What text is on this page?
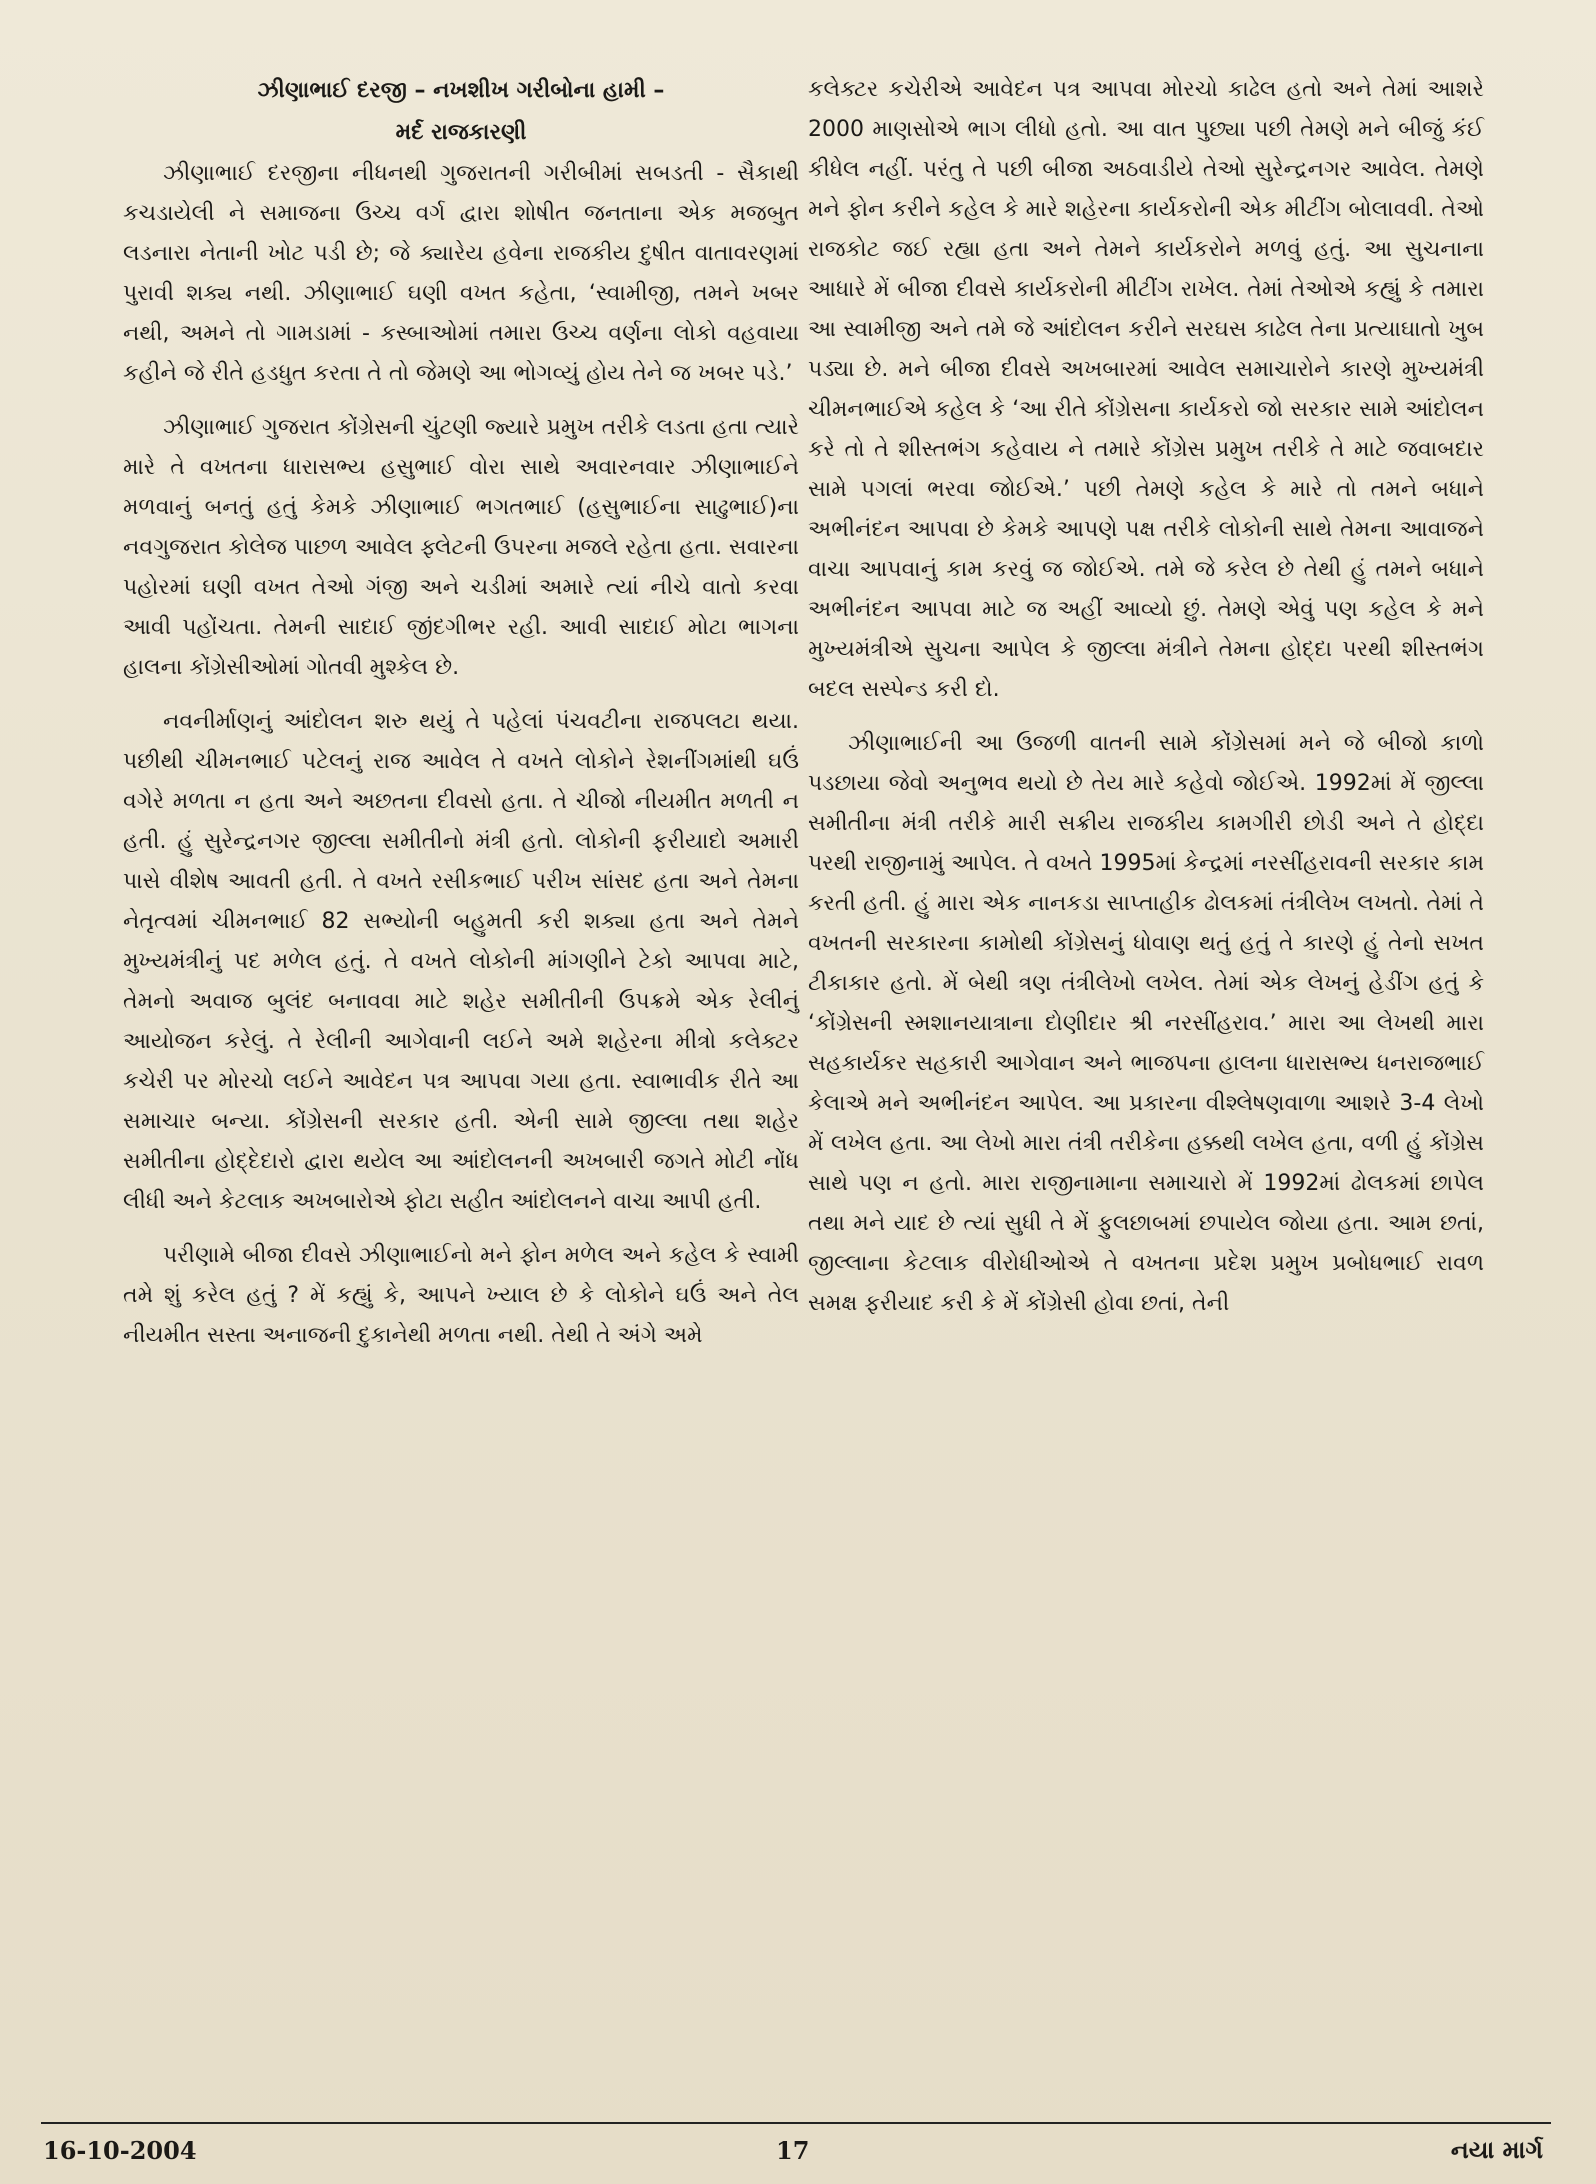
ઝીણાભાઈ દરજી – નખશીખ ગરીબોના હામી –
મર્દ રાજકારણી

ઝીણાભાઈ દરજીના નીધનથી ગુજરાતની ગરીબીમાં સબડતી - સૈકાથી કચડાયેલી ને સમાજના ઉચ્ચ વર્ગ દ્વારા શોષીત જનતાના એક મજબુત લડનારા નેતાની ખોટ પડી છે; જે ક્યારેય હવેના રાજકીય દુષીત વાતાવરણમાં પુરાવી શક્ય નથી. ઝીણાભાઈ ઘણી વખત કહેતા, ‘સ્વામીજી, તમને ખબર નથી, અમને તો ગામડામાં - કસ્બાઓમાં તમારા ઉચ્ચ વર્ણના લોકો વહવાયા કહીને જે રીતે હડધુત કરતા તે તો જેમણે આ ભોગવ્યું હોય તેને જ ખબર પડે.’

ઝીણાભાઈ ગુજરાત કોંગ્રેસની ચુંટણી જ્યારે પ્રમુખ તરીકે લડતા હતા ત્યારે મારે તે વખતના ધારાસભ્ય હસુભાઈ વોરા સાથે અવારનવાર ઝીણાભાઈને મળવાનું બનતું હતું કેમકે ઝીણાભાઈ ભગતભાઈ (હસુભાઈના સાઢુભાઈ)ના નવગુજરાત કોલેજ પાછળ આવેલ ફ્લેટની ઉપરના મજલે રહેતા હતા. સવારના પહોરમાં ઘણી વખત તેઓ ગંજી અને ચડીમાં અમારે ત્યાં નીચે વાતો કરવા આવી પહોંચતા. તેમની સાદાઈ જીંદગીભર રહી. આવી સાદાઈ મોટા ભાગના હાલના કોંગ્રેસીઓમાં ગોતવી મુશ્કેલ છે.

નવનીર્માણનું આંદોલન શરુ થયું તે પહેલાં પંચવટીના રાજપલટા થયા. પછીથી ચીમનભાઈ પટેલનું રાજ આવેલ તે વખતે લોકોને રેશનીંગમાંથી ઘઉં વગેરે મળતા ન હતા અને અછતના દીવસો હતા. તે ચીજો નીયમીત મળતી ન હતી. હું સુરેન્દ્રનગર જીલ્લા સમીતીનો મંત્રી હતો. લોકોની ફરીયાદો અમારી પાસે વીશેષ આવતી હતી. તે વખતે રસીકભાઈ પરીખ સાંસદ હતા અને તેમના નેતૃત્વમાં ચીમનભાઈ 82 સભ્યોની બહુમતી કરી શક્યા હતા અને તેમને મુખ્યમંત્રીનું પદ મળેલ હતું. તે વખતે લોકોની માંગણીને ટેકો આપવા માટે, તેમનો અવાજ બુલંદ બનાવવા માટે શહેર સમીતીની ઉપક્રમે એક રેલીનું આયોજન કરેલું. તે રેલીની આગેવાની લઈને અમે શહેરના મીત્રો કલેક્ટર કચેરી પર મોરચો લઈને આવેદન પત્ર આપવા ગયા હતા. સ્વાભાવીક રીતે આ સમાચાર બન્યા. કોંગ્રેસની સરકાર હતી. એની સામે જીલ્લા તથા શહેર સમીતીના હોદ્દેદારો દ્વારા થયેલ આ આંદોલનની અખબારી જગતે મોટી નોંધ લીધી અને કેટલાક અખબારોએ ફોટા સહીત આંદોલનને વાચા આપી હતી.

પરીણામે બીજા દીવસે ઝીણાભાઈનો મને ફોન મળેલ અને કહેલ કે સ્વામી તમે શું કરેલ હતું ? મેં કહ્યું કે, આપને ખ્યાલ છે કે લોકોને ઘઉં અને તેલ નીયમીત સસ્તા અનાજની દુકાનેથી મળતા નથી. તેથી તે અંગે અમે

કલેક્ટર કચેરીએ આવેદન પત્ર આપવા મોરચો કાઢેલ હતો અને તેમાં આશરે 2000 માણસોએ ભાગ લીધો હતો. આ વાત પુછ્યા પછી તેમણે મને બીજું કંઈ કીધેલ નહીં. પરંતુ તે પછી બીજા અઠવાડીયે તેઓ સુરેન્દ્રનગર આવેલ. તેમણે મને ફોન કરીને કહેલ કે મારે શહેરના કાર્યકરોની એક મીટીંગ બોલાવવી. તેઓ રાજકોટ જઈ રહ્યા હતા અને તેમને કાર્યકરોને મળવું હતું. આ સુચનાના આધારે મેં બીજા દીવસે કાર્યકરોની મીટીંગ રાખેલ. તેમાં તેઓએ કહ્યું કે તમારા આ સ્વામીજી અને તમે જે આંદોલન કરીને સરઘસ કાઢેલ તેના પ્રત્યાઘાતો ખુબ પડ્યા છે. મને બીજા દીવસે અખબારમાં આવેલ સમાચારોને કારણે મુખ્યમંત્રી ચીમનભાઈએ કહેલ કે ‘આ રીતે કોંગ્રેસના કાર્યકરો જો સરકાર સામે આંદોલન કરે તો તે શીસ્તભંગ કહેવાય ને તમારે કોંગ્રેસ પ્રમુખ તરીકે તે માટે જવાબદાર સામે પગલાં ભરવા જોઈએ.’ પછી તેમણે કહેલ કે મારે તો તમને બધાને અભીનંદન આપવા છે કેમકે આપણે પક્ષ તરીકે લોકોની સાથે તેમના આવાજને વાચા આપવાનું કામ કરવું જ જોઈએ. તમે જે કરેલ છે તેથી હું તમને બધાને અભીનંદન આપવા માટે જ અહીં આવ્યો છું. તેમણે એવું પણ કહેલ કે મને મુખ્યમંત્રીએ સુચના આપેલ કે જીલ્લા મંત્રીને તેમના હોદ્દા પરથી શીસ્તભંગ બદલ સસ્પેન્ડ કરી દો.

ઝીણાભાઈની આ ઉજળી વાતની સામે કોંગ્રેસમાં મને જે બીજો કાળો પડછાયા જેવો અનુભવ થયો છે તેય મારે કહેવો જોઈએ. 1992માં મેં જીલ્લા સમીતીના મંત્રી તરીકે મારી સક્રીય રાજકીય કામગીરી છોડી અને તે હોદ્દા પરથી રાજીનામું આપેલ. તે વખતે 1995માં કેન્દ્રમાં નરસીંહરાવની સરકાર કામ કરતી હતી. હું મારા એક નાનકડા સાપ્તાહીક ઢોલકમાં તંત્રીલેખ લખતો. તેમાં તે વખતની સરકારના કામોથી કોંગ્રેસનું ધોવાણ થતું હતું તે કારણે હું તેનો સખત ટીકાકાર હતો. મેં બેથી ત્રણ તંત્રીલેખો લખેલ. તેમાં એક લેખનું હેડીંગ હતું કે ‘કોંગ્રેસની સ્મશાનયાત્રાના દોણીદાર શ્રી નરસીંહરાવ.’ મારા આ લેખથી મારા સહકાર્યકર સહકારી આગેવાન અને ભાજપના હાલના ધારાસભ્ય ધનરાજભાઈ કેલાએ મને અભીનંદન આપેલ. આ પ્રકારના વીશ્લેષણવાળા આશરે 3-4 લેખો મેં લખેલ હતા. આ લેખો મારા તંત્રી તરીકેના હક્કથી લખેલ હતા, વળી હું કોંગ્રેસ સાથે પણ ન હતો. મારા રાજીનામાના સમાચારો મેં 1992માં ઢોલકમાં છાપેલ તથા મને યાદ છે ત્યાં સુધી તે મેં ફુલછાબમાં છપાયેલ જોયા હતા. આમ છતાં, જીલ્લાના કેટલાક વીરોધીઓએ તે વખતના પ્રદેશ પ્રમુખ પ્રબોધભાઈ રાવળ સમક્ષ ફરીયાદ કરી કે મેં કોંગ્રેસી હોવા છતાં, તેની

16-10-2004	17	નયા માર્ગ
